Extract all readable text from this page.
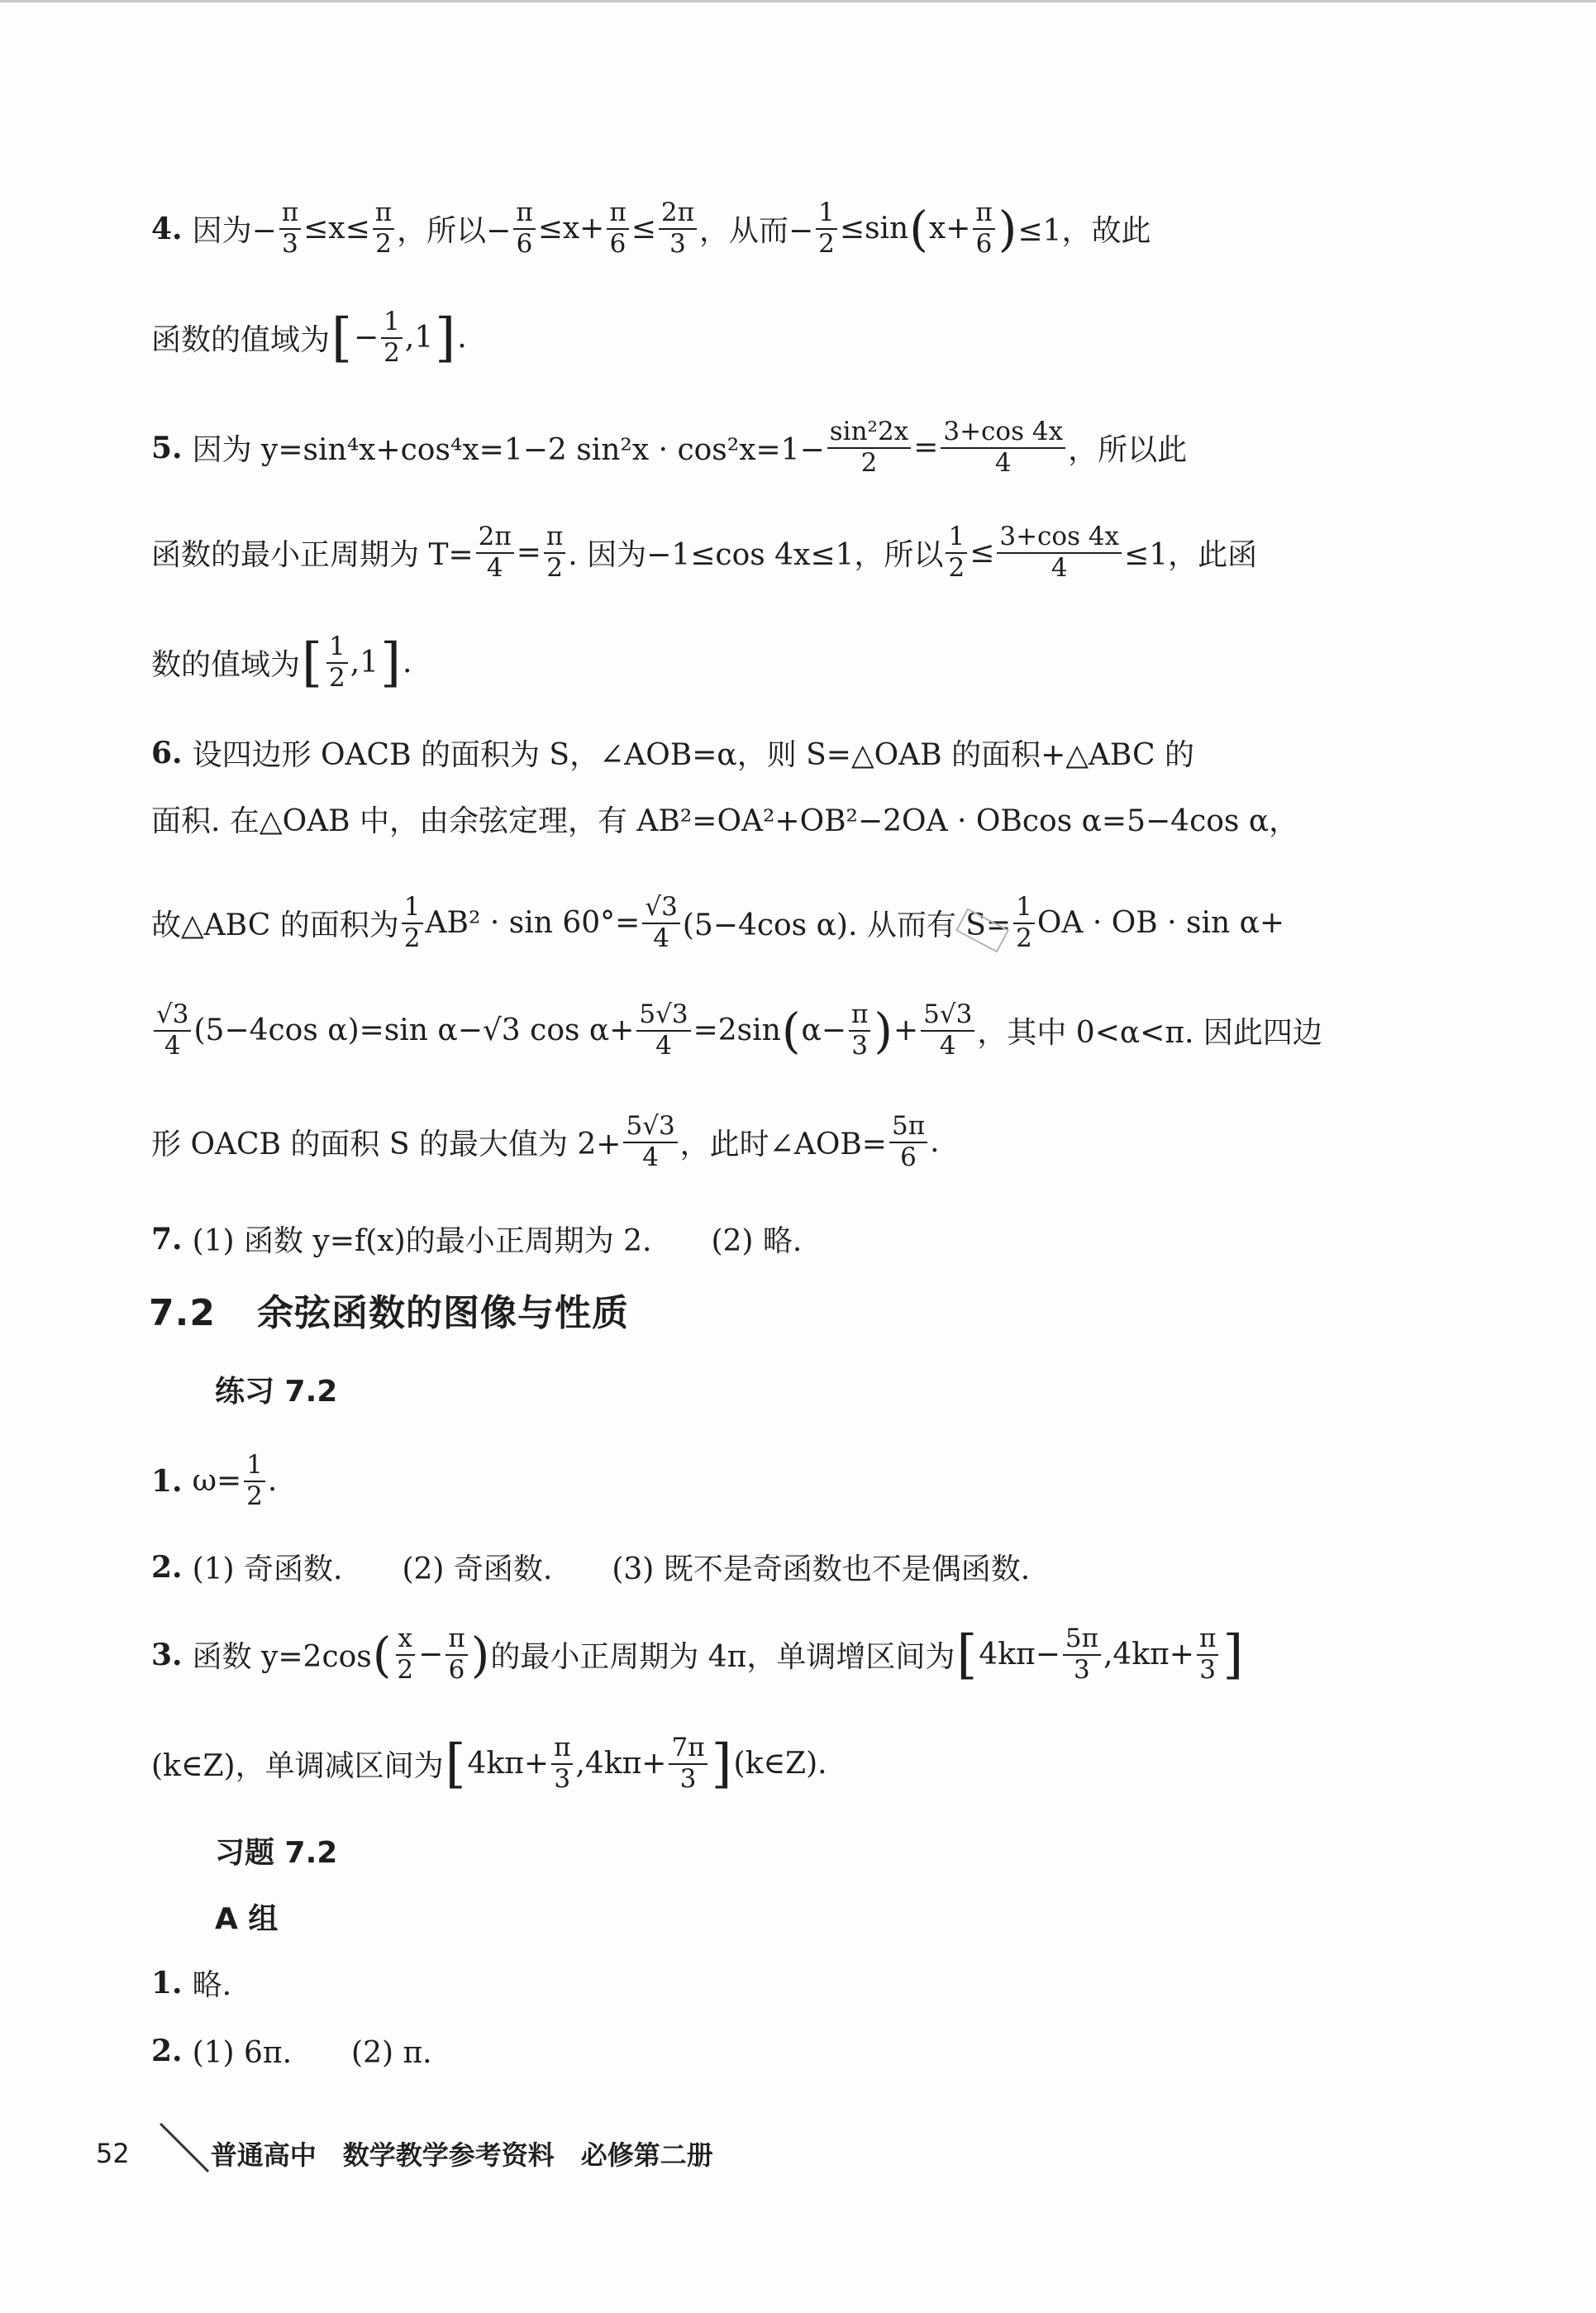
4. 因为− $\frac{\pi}{3} \le x\le \frac{\pi}{2}$ ，所以− $\frac{\pi}{6} \le x+ \frac{\pi}{6} \le \frac{2\pi}{3}$ ，从而− $\frac{1}{2} \le\sin$ ( $x+ \frac{\pi}{6}$ ) ≤1，故此
函数的值域为 [ − $\frac{1}{2} ,1$ ] .
5. 因为 y=sin⁴x+cos⁴x=1−2 $\sin^2x \cdot \cos^2x=1- \frac{\text{sin²2x}}{2} = \frac{3+\cos 4x}{4}$ ，所以此
函数的最小正周期为 $T= \frac{2\pi}{4} = \frac{\pi}{2}$ . 因为−1≤cos 4x≤1，所以 $\frac{1}{2} \le \frac{3+\cos 4x}{4} \le 1$，此函
数的值域为 [ $\frac{1}{2} ,1$ ] .
6. 设四边形 OACB 的面积为 S，∠AOB=α，则 S=△OAB 的面积+△ABC 的
面积. 在△OAB 中，由余弦定理，有 AB²=OA²+OB²−2OA · OBcos α=5−4cos α，
故△ABC 的面积为 $\frac{1}{2} AB^2 \cdot \sin 60^\circ= \frac{√3}{4} (5-4\cos$ α). 从而有 $S= \frac{1}{2}$ OA · OB · sin α+
$\frac{√3}{4} (5-4\cos$ α)=sin α−√3 $\cos \alpha+ \frac{5√3}{4} =2\sin$ ( $\alpha- \frac{\pi}{3}$ ) + $\frac{5√3}{4}$ ，其中 0<α<π. 因此四边
形 OACB 的面积 S 的最大值为 $2+ \frac{5√3}{4}$ ，此时∠AOB= $\frac{5\pi}{6}$ .
7. (1) 函数 y=f(x)的最小正周期为 2.　　(2) 略.
7.2 余弦函数的图像与性质
练习 7.2
1. $\omega= \frac{1}{2}$ .
2. (1) 奇函数.　　(2) 奇函数.　　(3) 既不是奇函数也不是偶函数.
3. 函数 y=2cos ( $\frac{x}{2} - \frac{\pi}{6}$ ) 的最小正周期为 4π，单调增区间为 [ $4k\pi- \frac{5\pi}{3} ,4k\pi+ \frac{\pi}{3}$ ]
(k∈Z)，单调减区间为 [ $4k\pi+ \frac{\pi}{3} ,4k\pi+ \frac{7\pi}{3}$ ] (k∈Z).
习题 7.2
A 组
1. 略.
2. (1) 6π.　　(2) π.
52	普通高中　数学教学参考资料　必修第二册
